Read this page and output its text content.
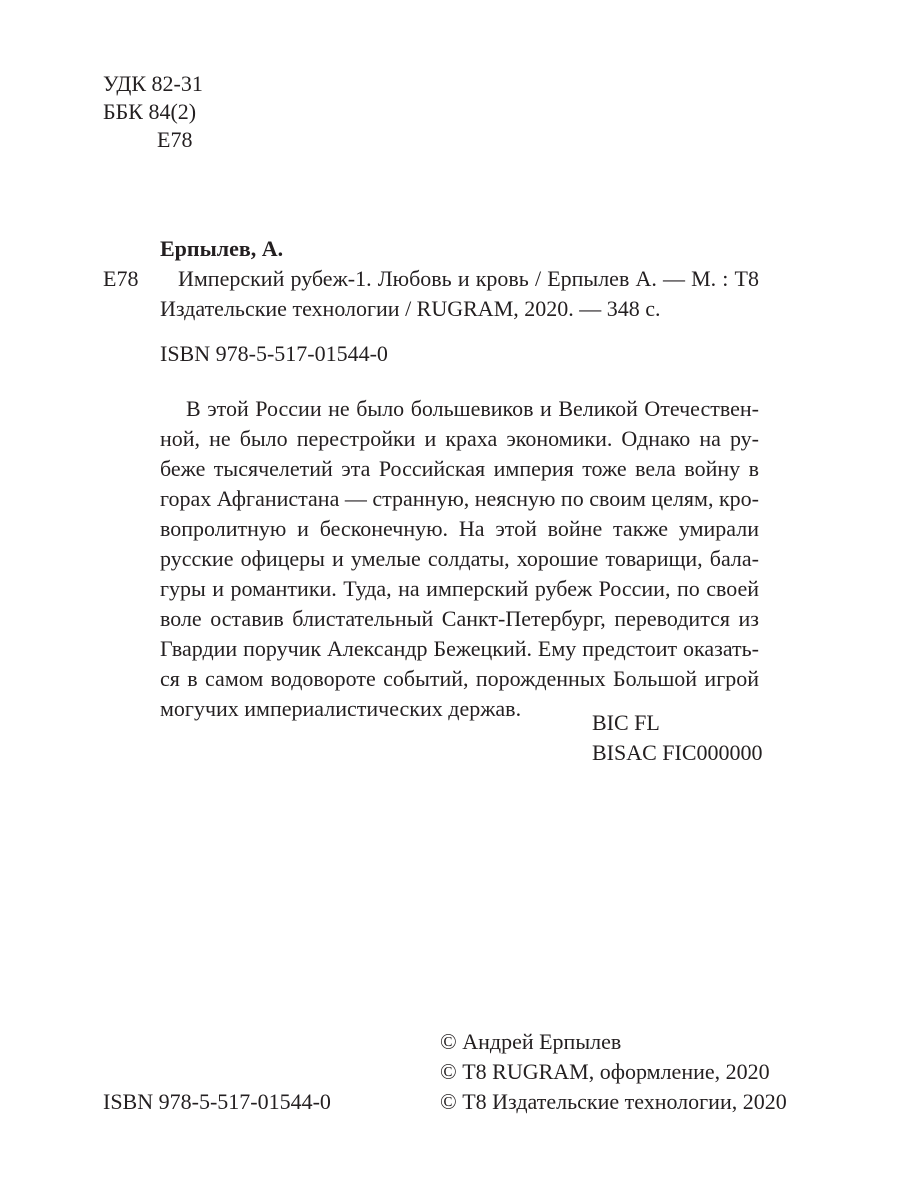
УДК 82-31
ББК 84(2)
Е78
Ерпылев, А.
Е78	Имперский рубеж-1. Любовь и кровь / Ерпылев А. — М. : Т8
Издательские технологии / RUGRAM, 2020. — 348 с.
ISBN 978-5-517-01544-0
В этой России не было большевиков и Великой Отечествен-
ной, не было перестройки и краха экономики. Однако на ру-
беже тысячелетий эта Российская империя тоже вела войну в
горах Афганистана — странную, неясную по своим целям, кро-
вопролитную и бесконечную. На этой войне также умирали
русские офицеры и умелые солдаты, хорошие товарищи, бала-
гуры и романтики. Туда, на имперский рубеж России, по своей
воле оставив блистательный Санкт-Петербург, переводится из
Гвардии поручик Александр Бежецкий. Ему предстоит оказать-
ся в самом водовороте событий, порожденных Большой игрой
могучих империалистических держав.
BIC FL
BISAC FIC000000
© Андрей Ерпылев
© Т8 RUGRAM, оформление, 2020
© Т8 Издательские технологии, 2020
ISBN 978-5-517-01544-0
